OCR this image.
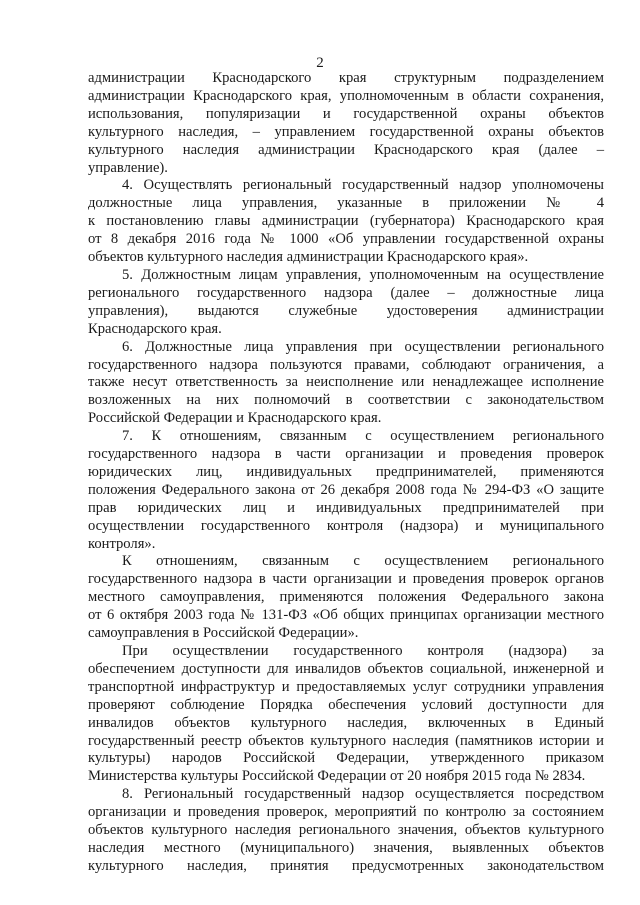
2
администрации Краснодарского края структурным подразделением
администрации Краснодарского края, уполномоченным в области сохранения,
использования, популяризации и государственной охраны объектов
культурного наследия, – управлением государственной охраны объектов
культурного наследия администрации Краснодарского края (далее –
управление).
4. Осуществлять региональный государственный надзор уполномочены
должностные лица управления, указанные в приложении № 4
к постановлению главы администрации (губернатора) Краснодарского края
от 8 декабря 2016 года № 1000 «Об управлении государственной охраны
объектов культурного наследия администрации Краснодарского края».
5. Должностным лицам управления, уполномоченным на осуществление
регионального государственного надзора (далее – должностные лица
управления), выдаются служебные удостоверения администрации
Краснодарского края.
6. Должностные лица управления при осуществлении регионального
государственного надзора пользуются правами, соблюдают ограничения, а
также несут ответственность за неисполнение или ненадлежащее исполнение
возложенных на них полномочий в соответствии с законодательством
Российской Федерации и Краснодарского края.
7. К отношениям, связанным с осуществлением регионального
государственного надзора в части организации и проведения проверок
юридических лиц, индивидуальных предпринимателей, применяются
положения Федерального закона от 26 декабря 2008 года № 294-ФЗ «О защите
прав юридических лиц и индивидуальных предпринимателей при
осуществлении государственного контроля (надзора) и муниципального
контроля».
К отношениям, связанным с осуществлением регионального
государственного надзора в части организации и проведения проверок органов
местного самоуправления, применяются положения Федерального закона
от 6 октября 2003 года № 131-ФЗ «Об общих принципах организации местного
самоуправления в Российской Федерации».
При осуществлении государственного контроля (надзора) за
обеспечением доступности для инвалидов объектов социальной, инженерной и
транспортной инфраструктур и предоставляемых услуг сотрудники управления
проверяют соблюдение Порядка обеспечения условий доступности для
инвалидов объектов культурного наследия, включенных в Единый
государственный реестр объектов культурного наследия (памятников истории и
культуры) народов Российской Федерации, утвержденного приказом
Министерства культуры Российской Федерации от 20 ноября 2015 года № 2834.
8. Региональный государственный надзор осуществляется посредством
организации и проведения проверок, мероприятий по контролю за состоянием
объектов культурного наследия регионального значения, объектов культурного
наследия местного (муниципального) значения, выявленных объектов
культурного наследия, принятия предусмотренных законодательством
